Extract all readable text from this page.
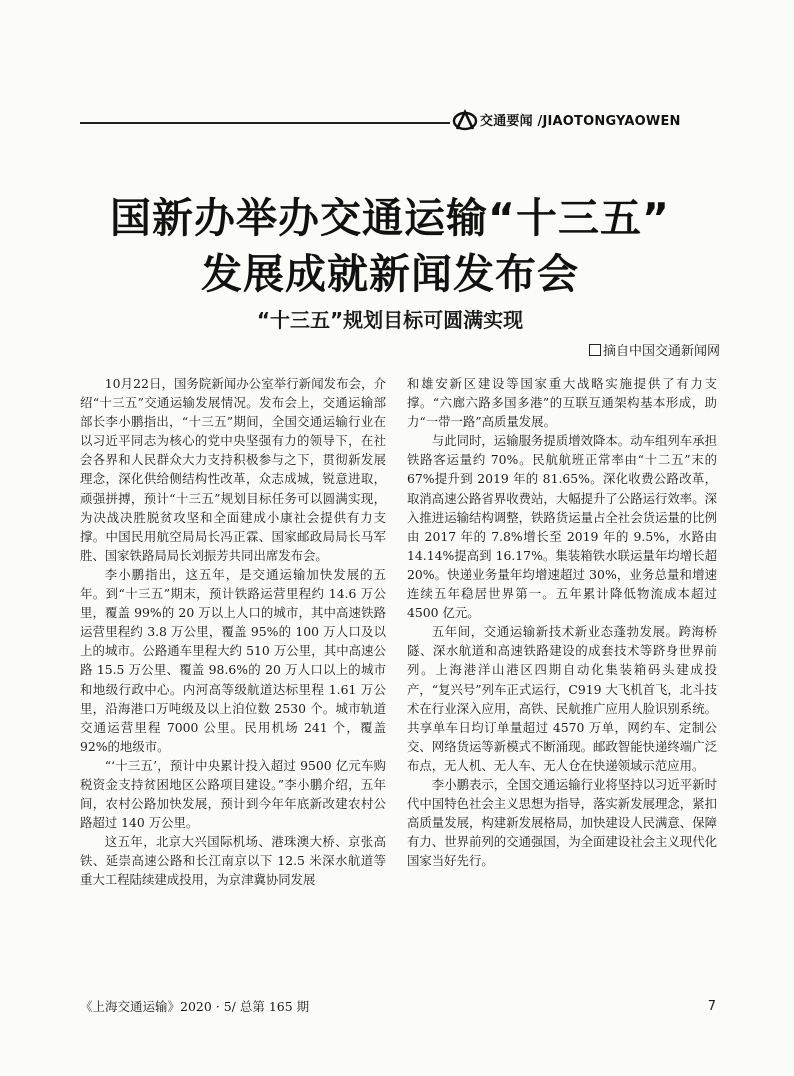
交通要闻 /JIAOTONGYAOWEN
国新办举办交通运输“十三五”
发展成就新闻发布会
“十三五”规划目标可圆满实现
摘自中国交通新闻网

10月22日，国务院新闻办公室举行新闻发布会，介绍“十三五”交通运输发展情况。发布会上，交通运输部部长李小鹏指出，“十三五”期间，全国交通运输行业在以习近平同志为核心的党中央坚强有力的领导下，在社会各界和人民群众大力支持积极参与之下，贯彻新发展理念，深化供给侧结构性改革，众志成城，锐意进取，顽强拼搏，预计“十三五”规划目标任务可以圆满实现，为决战决胜脱贫攻坚和全面建成小康社会提供有力支撑。中国民用航空局局长冯正霖、国家邮政局局长马军胜、国家铁路局局长刘振芳共同出席发布会。

李小鹏指出，这五年，是交通运输加快发展的五年。到“十三五”期末，预计铁路运营里程约 14.6 万公里，覆盖 99%的 20 万以上人口的城市，其中高速铁路运营里程约 3.8 万公里，覆盖 95%的 100 万人口及以上的城市。公路通车里程大约 510 万公里，其中高速公路 15.5 万公里、覆盖 98.6%的 20 万人口以上的城市和地级行政中心。内河高等级航道达标里程 1.61 万公里，沿海港口万吨级及以上泊位数 2530 个。城市轨道交通运营里程 7000 公里。民用机场 241 个，覆盖 92%的地级市。

“‘十三五’，预计中央累计投入超过 9500 亿元车购税资金支持贫困地区公路项目建设。”李小鹏介绍，五年间，农村公路加快发展，预计到今年年底新改建农村公路超过 140 万公里。

这五年，北京大兴国际机场、港珠澳大桥、京张高铁、延崇高速公路和长江南京以下 12.5 米深水航道等重大工程陆续建成投用，为京津冀协同发展

和雄安新区建设等国家重大战略实施提供了有力支撑。“六廊六路多国多港”的互联互通架构基本形成，助力“一带一路”高质量发展。

与此同时，运输服务提质增效降本。动车组列车承担铁路客运量约 70%。民航航班正常率由“十二五”末的 67%提升到 2019 年的 81.65%。深化收费公路改革，取消高速公路省界收费站，大幅提升了公路运行效率。深入推进运输结构调整，铁路货运量占全社会货运量的比例由 2017 年的 7.8%增长至 2019 年的 9.5%，水路由 14.14%提高到 16.17%。集装箱铁水联运量年均增长超 20%。快递业务量年均增速超过 30%，业务总量和增速连续五年稳居世界第一。五年累计降低物流成本超过 4500 亿元。

五年间，交通运输新技术新业态蓬勃发展。跨海桥隧、深水航道和高速铁路建设的成套技术等跻身世界前列。上海港洋山港区四期自动化集装箱码头建成投产，“复兴号”列车正式运行，C919 大飞机首飞，北斗技术在行业深入应用，高铁、民航推广应用人脸识别系统。共享单车日均订单量超过 4570 万单，网约车、定制公交、网络货运等新模式不断涌现。邮政智能快递终端广泛布点，无人机、无人车、无人仓在快递领域示范应用。

李小鹏表示，全国交通运输行业将坚持以习近平新时代中国特色社会主义思想为指导，落实新发展理念，紧扣高质量发展，构建新发展格局，加快建设人民满意、保障有力、世界前列的交通强国，为全面建设社会主义现代化国家当好先行。

《上海交通运输》2020 · 5/ 总第 165 期	7
